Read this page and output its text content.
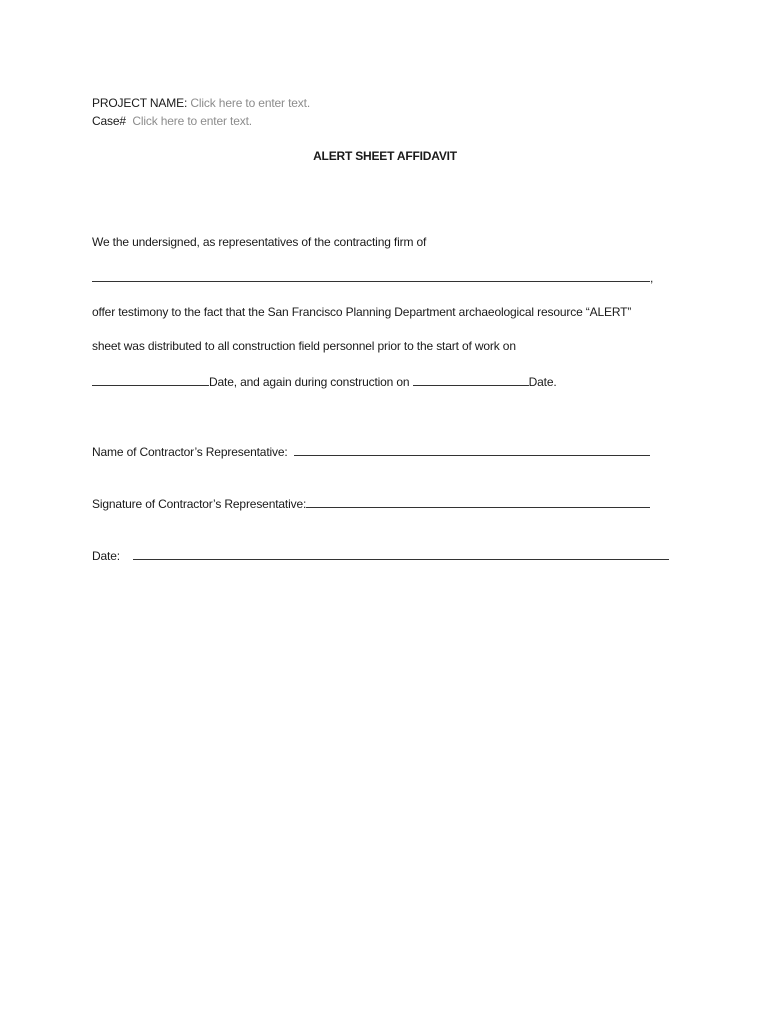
PROJECT NAME: Click here to enter text.
Case# Click here to enter text.
ALERT SHEET AFFIDAVIT
We the undersigned, as representatives of the contracting firm of
,
offer testimony to the fact that the San Francisco Planning Department archaeological resource “ALERT”
sheet was distributed to all construction field personnel prior to the start of work on
Date, and again during construction on	Date.
Name of Contractor’s Representative:
Signature of Contractor’s Representative:
Date:
